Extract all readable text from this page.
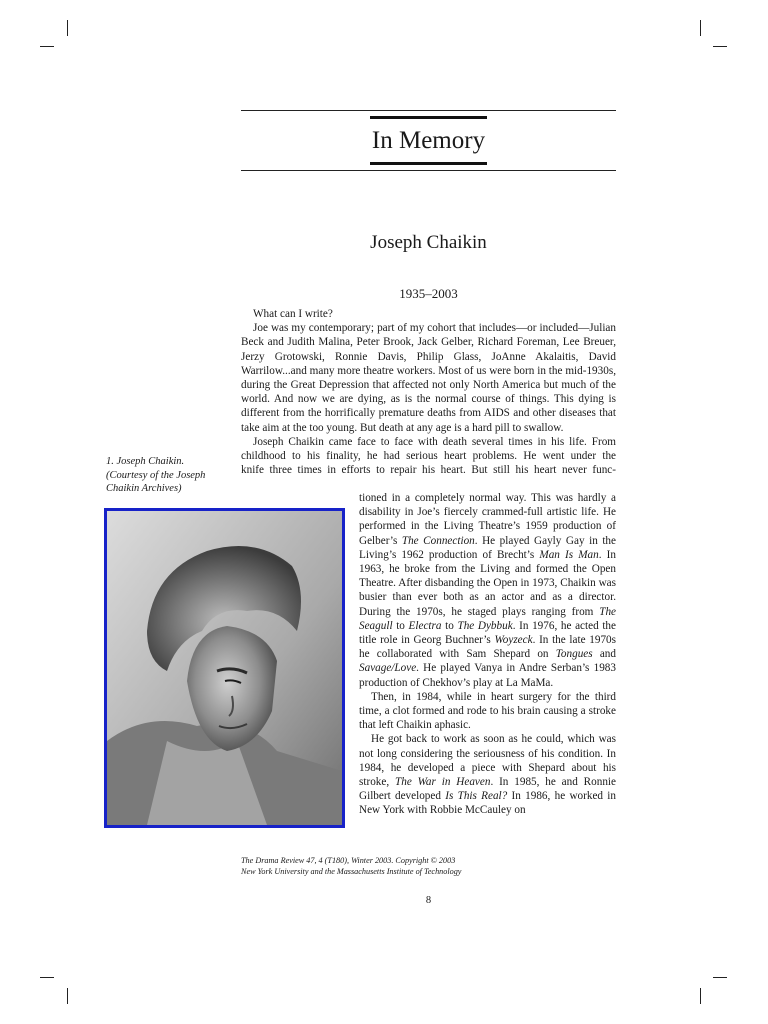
In Memory
Joseph Chaikin
1935–2003

What can I write?

Joe was my contemporary; part of my cohort that includes—or included—Julian Beck and Judith Malina, Peter Brook, Jack Gelber, Richard Foreman, Lee Breuer, Jerzy Grotowski, Ronnie Davis, Philip Glass, JoAnne Akalaitis, David Warrilow...and many more theatre workers. Most of us were born in the mid-1930s, during the Great Depression that affected not only North America but much of the world. And now we are dying, as is the normal course of things. This dying is different from the horrifically premature deaths from AIDS and other diseases that take aim at the too young. But death at any age is a hard pill to swallow.

Joseph Chaikin came face to face with death several times in his life. From
childhood to his finality, he had serious heart problems. He went under the
knife three times in efforts to repair his heart. But still his heart never func-
1. Joseph Chaikin. (Courtesy of the Joseph Chaikin Archives)

tioned in a completely normal way. This was hardly a disability in Joe’s fiercely crammed-full artistic life. He performed in the Living Theatre’s 1959 production of Gelber’s The Connection. He played Gayly Gay in the Living’s 1962 production of Brecht’s Man Is Man. In 1963, he broke from the Living and formed the Open Theatre. After disbanding the Open in 1973, Chaikin was busier than ever both as an actor and as a director. During the 1970s, he staged plays ranging from The Seagull to Electra to The Dybbuk. In 1976, he acted the title role in Georg Buchner’s Woyzeck. In the late 1970s he collaborated with Sam Shepard on Tongues and Savage/Love. He played Vanya in Andre Serban’s 1983 production of Chekhov’s play at La MaMa.

Then, in 1984, while in heart surgery for the third time, a clot formed and rode to his brain causing a stroke that left Chaikin aphasic.

He got back to work as soon as he could, which was not long considering the seriousness of his condition. In 1984, he developed a piece with Shepard about his stroke, The War in Heaven. In 1985, he and Ronnie Gilbert developed Is This Real? In 1986, he worked in New York with Robbie McCauley on

The Drama Review 47, 4 (T180), Winter 2003. Copyright © 2003
New York University and the Massachusetts Institute of Technology
8
